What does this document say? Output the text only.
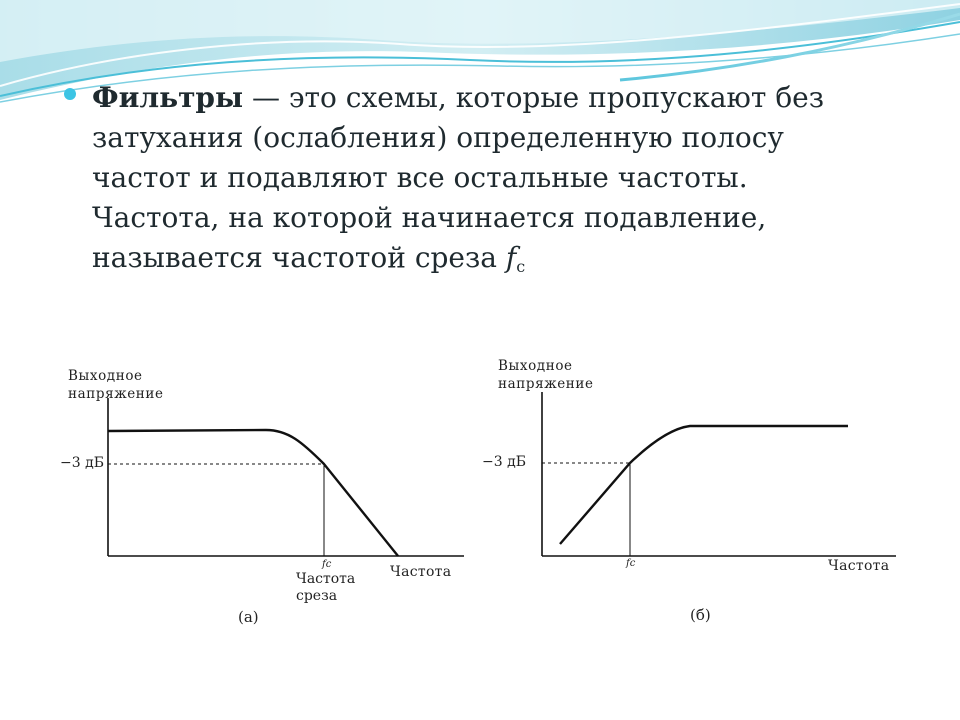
Фильтры — это схемы, которые пропускают без затухания (ослабления) определенную полосу частот и подавляют все остальные частоты. Частота, на которой начинается подавление, называется частотой среза fс
Выходное
напряжение
−3 дБ
fc
Частота
среза
Частота
(а)
Выходное
напряжение
−3 дБ
fc	Частота
(б)
